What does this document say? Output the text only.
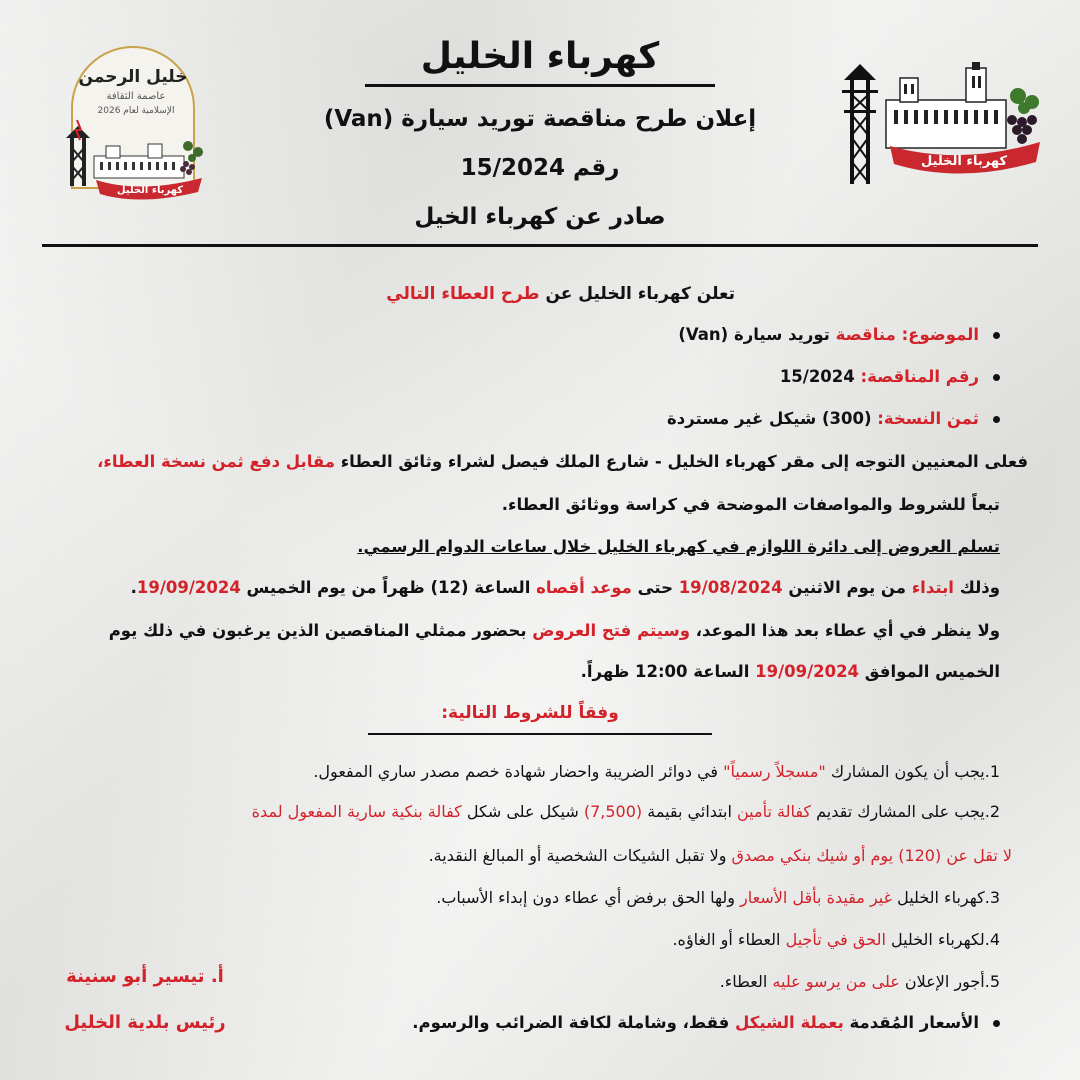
خليل الرحمن
عاصمة الثقافة
الإسلامية لعام 2026
كهرباء الخليل
كهرباء الخليل
كهرباء الخليل
إعلان طرح مناقصة توريد سيارة (Van)
رقم 15/2024
صادر عن كهرباء الخيل
تعلن كهرباء الخليل عن طرح العطاء التالي
الموضوع: مناقصة توريد سيارة (Van)
رقم المناقصة: 15/2024
ثمن النسخة: (300) شيكل غير مستردة
فعلى المعنيين التوجه إلى مقر كهرباء الخليل - شارع الملك فيصل لشراء وثائق العطاء مقابل دفع ثمن نسخة العطاء،
تبعاً للشروط والمواصفات الموضحة في كراسة ووثائق العطاء.
تسلم العروض إلى دائرة اللوازم في كهرباء الخليل خلال ساعات الدوام الرسمي.
وذلك ابتداء من يوم الاثنين 19/08/2024 حتى موعد أقصاه الساعة (12) ظهراً من يوم الخميس 19/09/2024.
ولا ينظر في أي عطاء بعد هذا الموعد، وسيتم فتح العروض بحضور ممثلي المناقصين الذين يرغبون في ذلك يوم
الخميس الموافق 19/09/2024 الساعة 12:00 ظهراً.
وفقاً للشروط التالية:
1.يجب أن يكون المشارك "مسجلاً رسمياً" في دوائر الضريبة واحضار شهادة خصم مصدر ساري المفعول.
2.يجب على المشارك تقديم كفالة تأمين ابتدائي بقيمة (7,500) شيكل على شكل كفالة بنكية سارية المفعول لمدة
لا تقل عن (120) يوم أو شيك بنكي مصدق ولا تقبل الشيكات الشخصية أو المبالغ النقدية.
3.كهرباء الخليل غير مقيدة بأقل الأسعار ولها الحق برفض أي عطاء دون إبداء الأسباب.
4.لكهرباء الخليل الحق في تأجيل العطاء أو الغاؤه.
5.أجور الإعلان على من يرسو عليه العطاء.
الأسعار المُقدمة بعملة الشيكل فقط، وشاملة لكافة الضرائب والرسوم.
أ. تيسير أبو سنينة
رئيس بلدية الخليل
